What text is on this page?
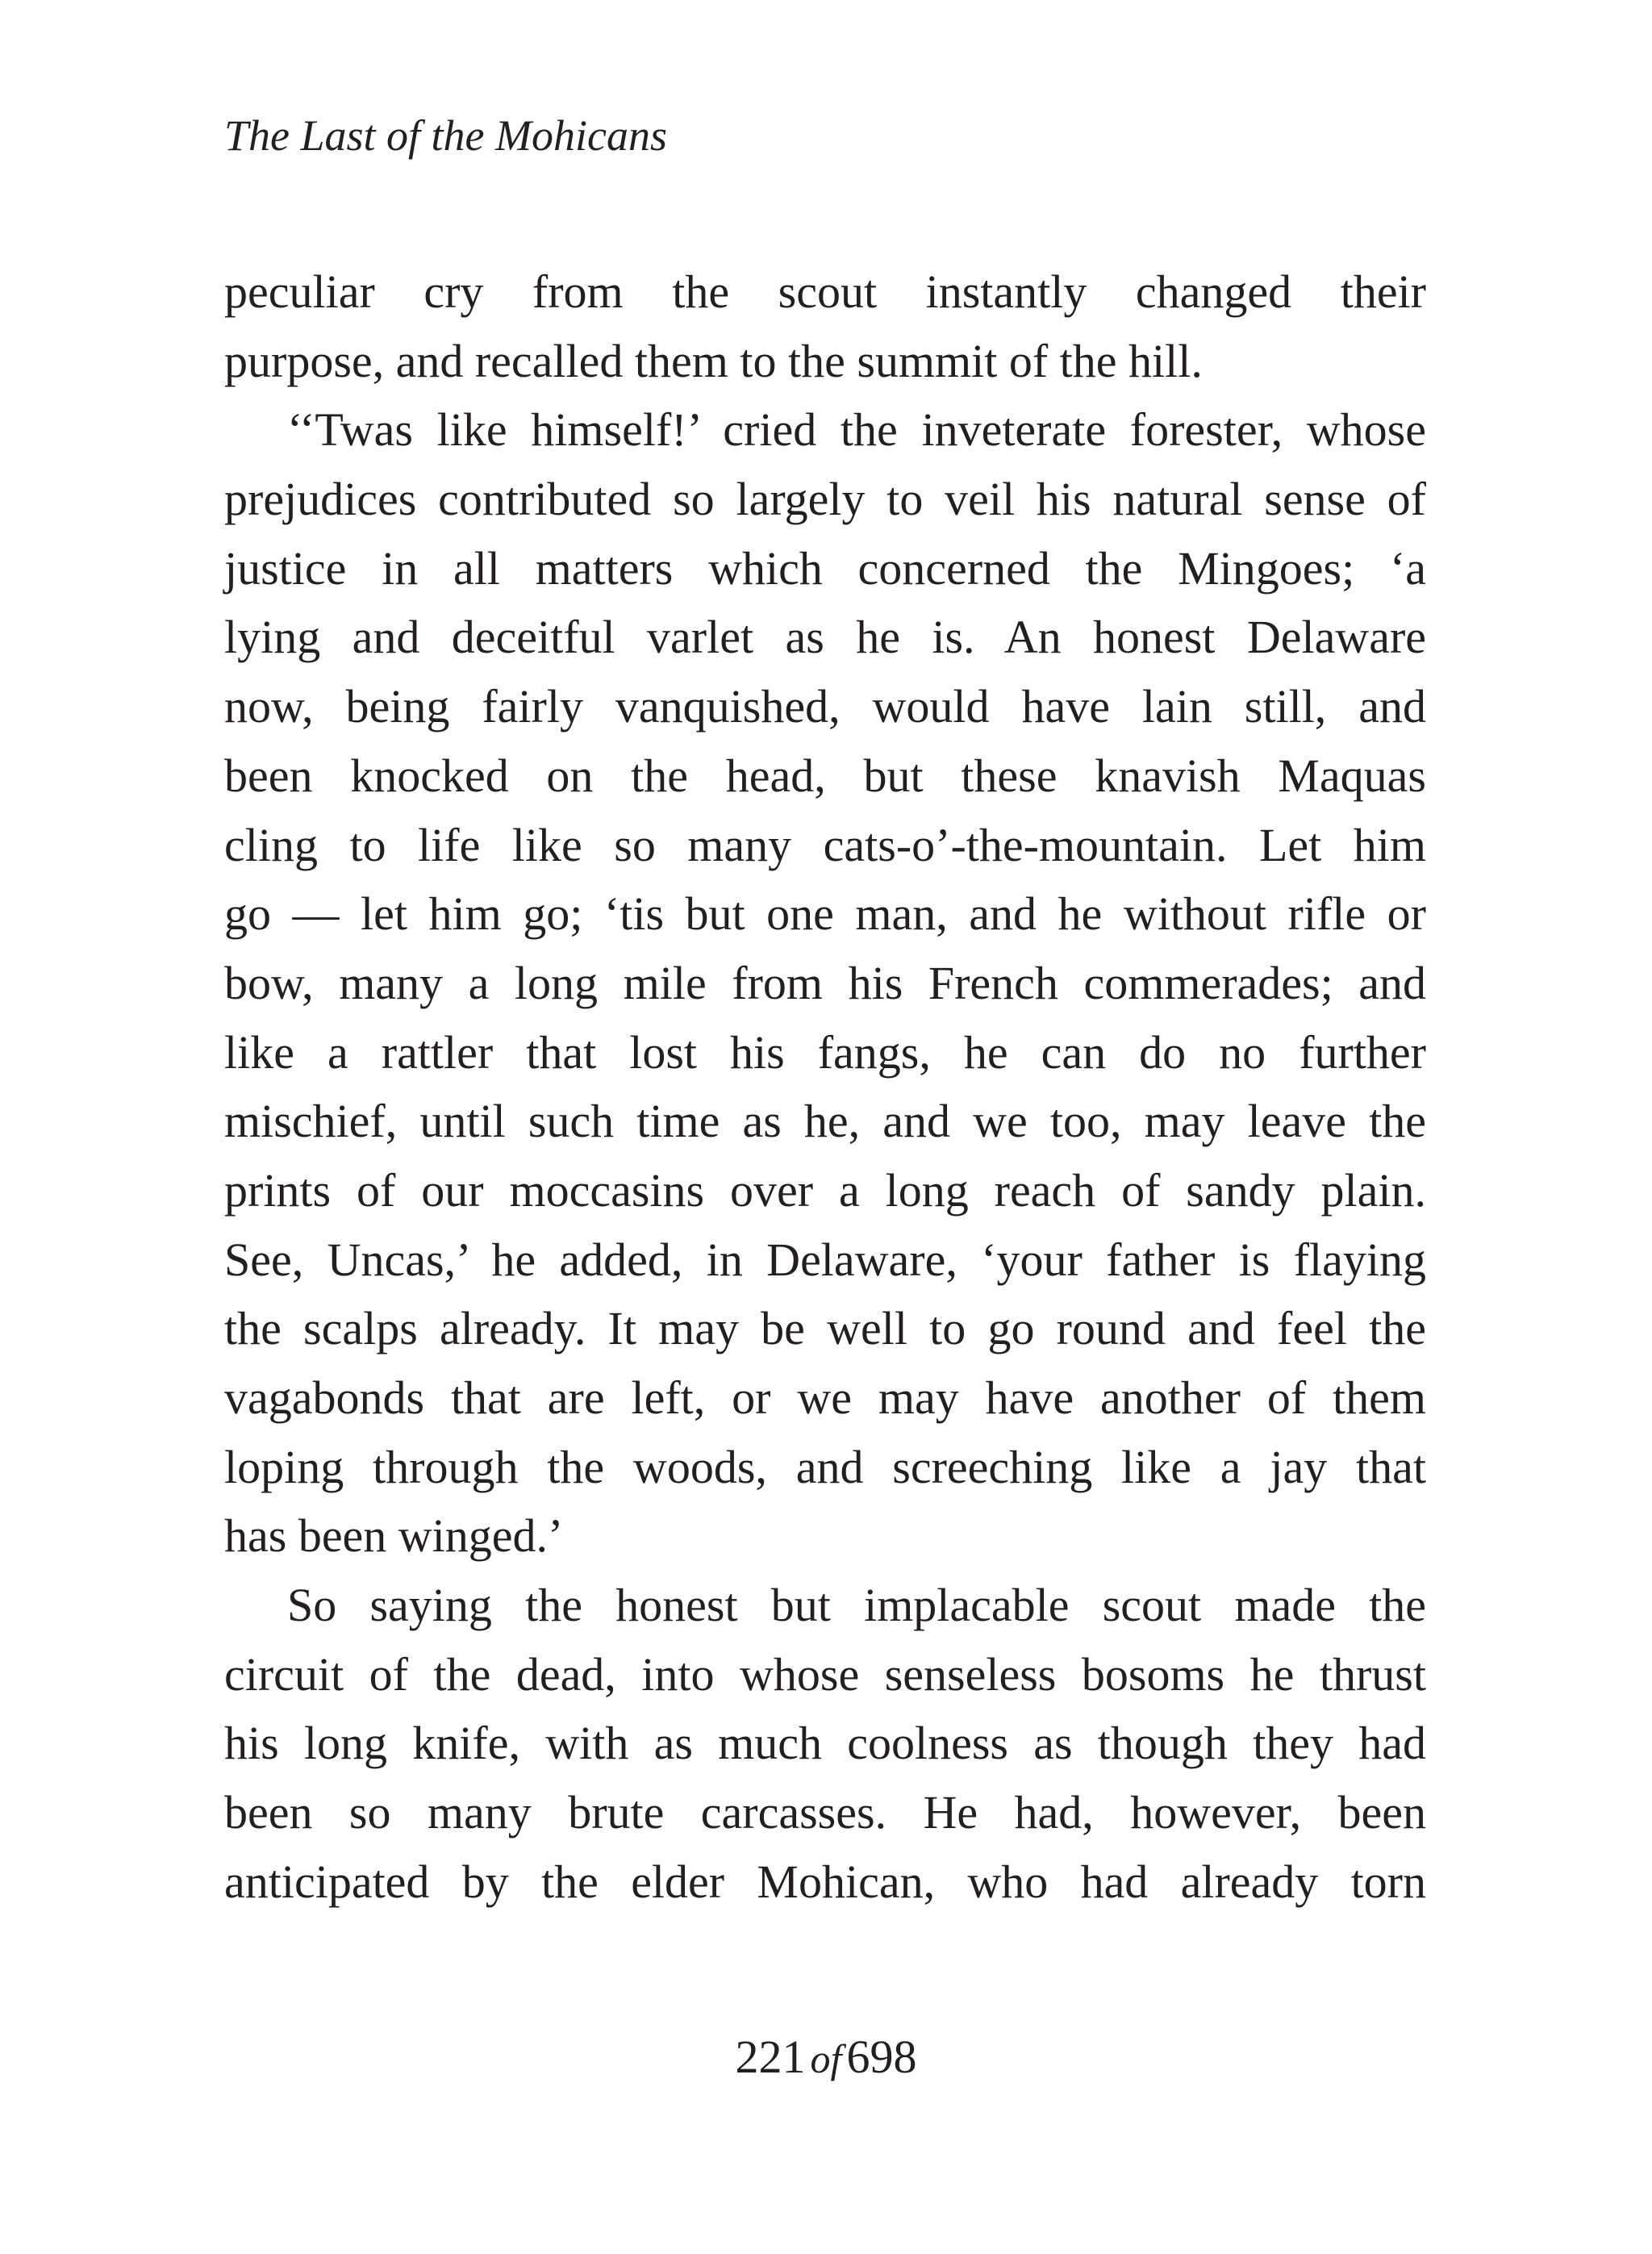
The Last of the Mohicans

peculiar cry from the scout instantly changed their
purpose, and recalled them to the summit of the hill.

‘‘Twas like himself!’ cried the inveterate forester, whose
prejudices contributed so largely to veil his natural sense of
justice in all matters which concerned the Mingoes; ‘a
lying and deceitful varlet as he is. An honest Delaware
now, being fairly vanquished, would have lain still, and
been knocked on the head, but these knavish Maquas
cling to life like so many cats-o’-the-mountain. Let him
go — let him go; ‘tis but one man, and he without rifle or
bow, many a long mile from his French commerades; and
like a rattler that lost his fangs, he can do no further
mischief, until such time as he, and we too, may leave the
prints of our moccasins over a long reach of sandy plain.
See, Uncas,’ he added, in Delaware, ‘your father is flaying
the scalps already. It may be well to go round and feel the
vagabonds that are left, or we may have another of them
loping through the woods, and screeching like a jay that
has been winged.’

So saying the honest but implacable scout made the
circuit of the dead, into whose senseless bosoms he thrust
his long knife, with as much coolness as though they had
been so many brute carcasses. He had, however, been
anticipated by the elder Mohican, who had already torn

221 of 698
